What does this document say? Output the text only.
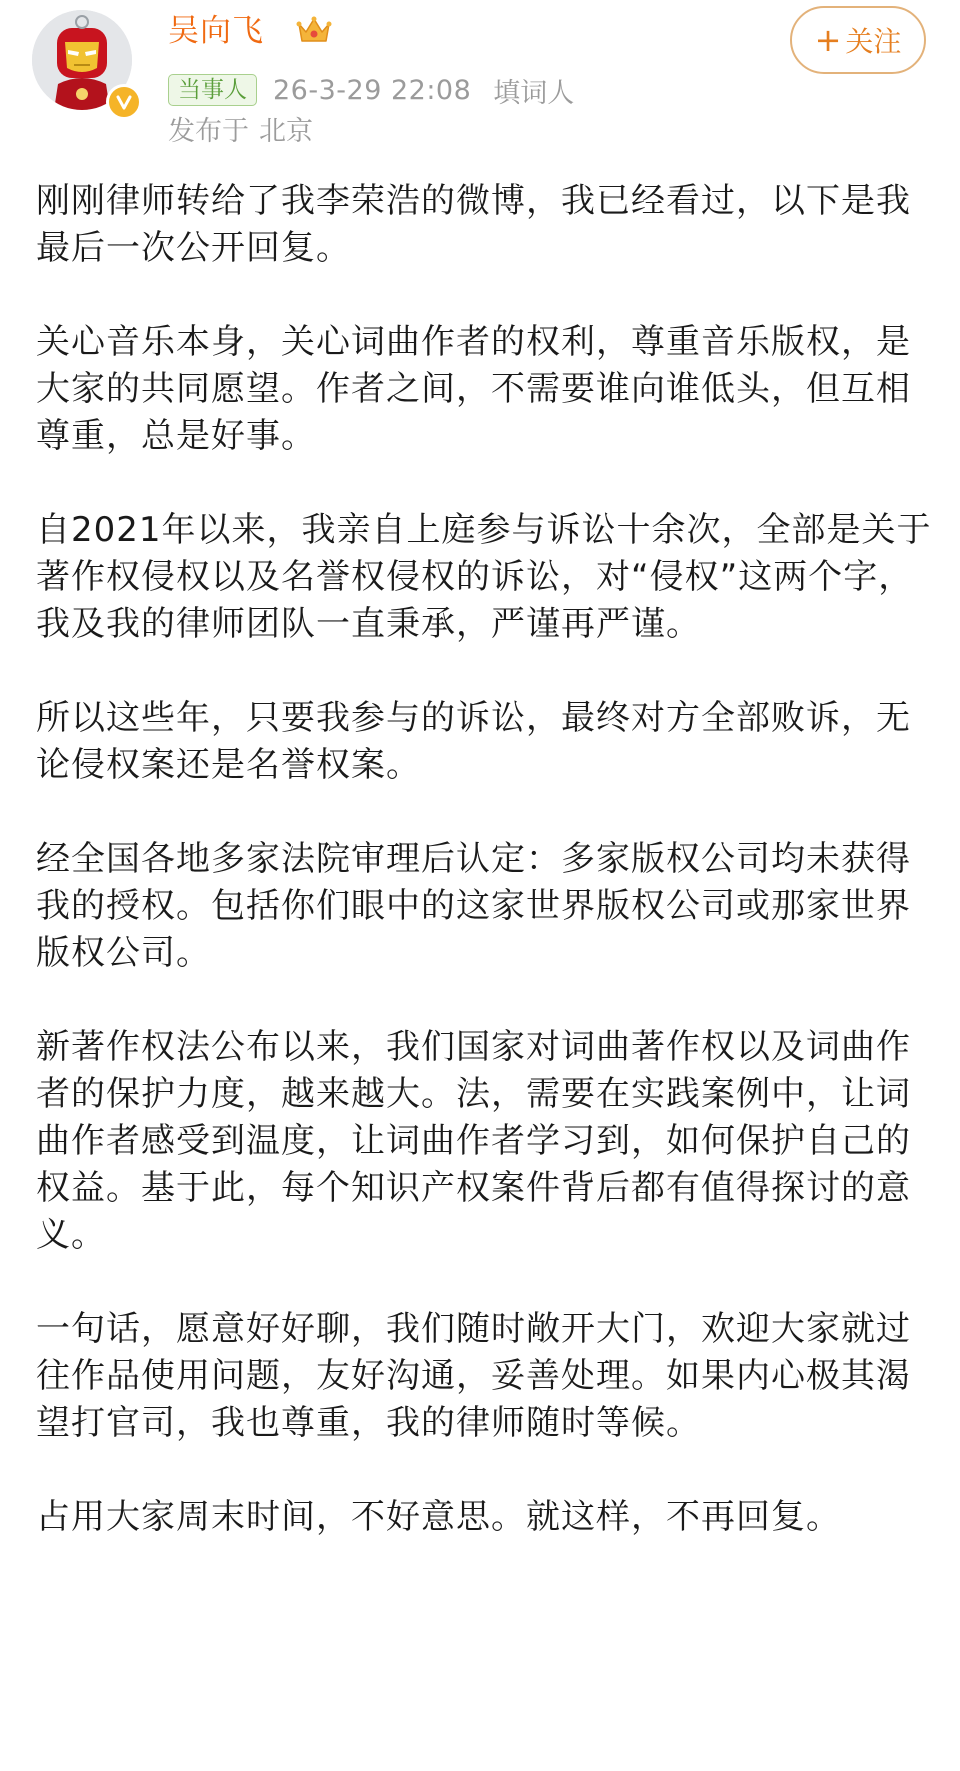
吴向飞
当事人 26-3-29 22:08 填词人
发布于 北京
+ 关注

刚刚律师转给了我李荣浩的微博，我已经看过，以下是我最后一次公开回复。

关心音乐本身，关心词曲作者的权利，尊重音乐版权，是大家的共同愿望。作者之间，不需要谁向谁低头，但互相尊重，总是好事。

自2021年以来，我亲自上庭参与诉讼十余次，全部是关于著作权侵权以及名誉权侵权的诉讼，对“侵权”这两个字，我及我的律师团队一直秉承，严谨再严谨。

所以这些年，只要我参与的诉讼，最终对方全部败诉，无论侵权案还是名誉权案。

经全国各地多家法院审理后认定：多家版权公司均未获得我的授权。包括你们眼中的这家世界版权公司或那家世界版权公司。

新著作权法公布以来，我们国家对词曲著作权以及词曲作者的保护力度，越来越大。法，需要在实践案例中，让词曲作者感受到温度，让词曲作者学习到，如何保护自己的权益。基于此，每个知识产权案件背后都有值得探讨的意义。

一句话，愿意好好聊，我们随时敞开大门，欢迎大家就过往作品使用问题，友好沟通，妥善处理。如果内心极其渴望打官司，我也尊重，我的律师随时等候。

占用大家周末时间，不好意思。就这样，不再回复。
